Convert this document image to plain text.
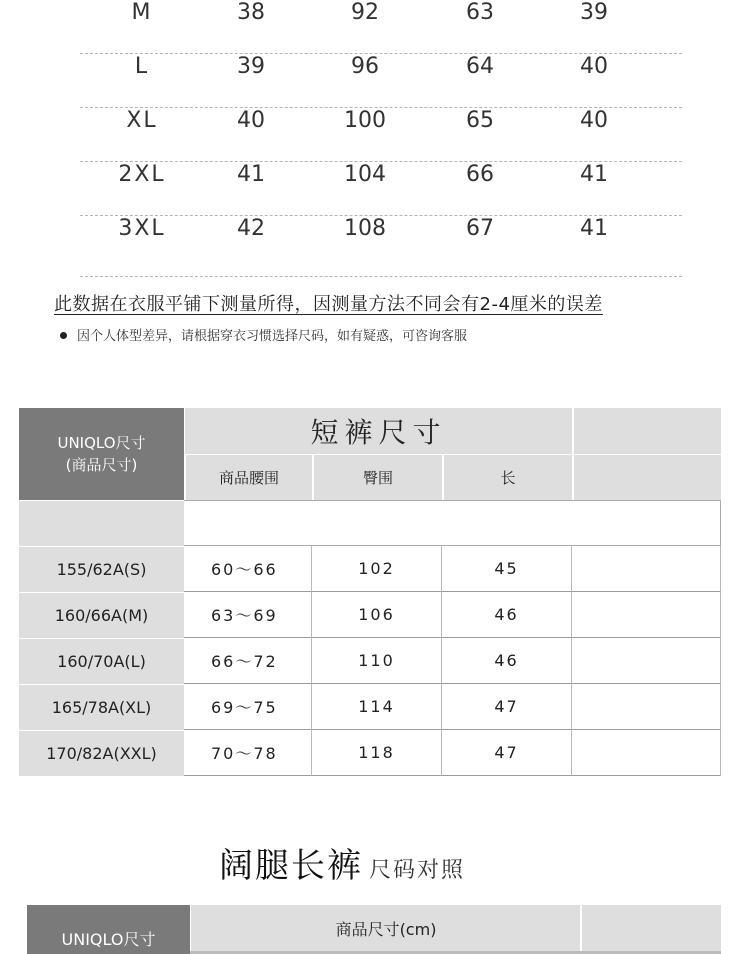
M	38	92	63	39
L	39	96	64	40
XL	40	100	65	40
2XL	41	104	66	41
3XL	42	108	67	41
此数据在衣服平铺下测量所得，因测量方法不同会有2-4厘米的误差
因个人体型差异，请根据穿衣习惯选择尺码，如有疑惑，可咨询客服
UNIQLO尺寸
(商品尺寸)
短裤尺寸
商品腰围	臀围	长
155/62A(S)	60～66	102	45
160/66A(M)	63～69	106	46
160/70A(L)	66～72	110	46
165/78A(XL)	69～75	114	47
170/82A(XXL)	70～78	118	47
阔腿长裤 尺码对照
UNIQLO尺寸
商品尺寸(cm)
